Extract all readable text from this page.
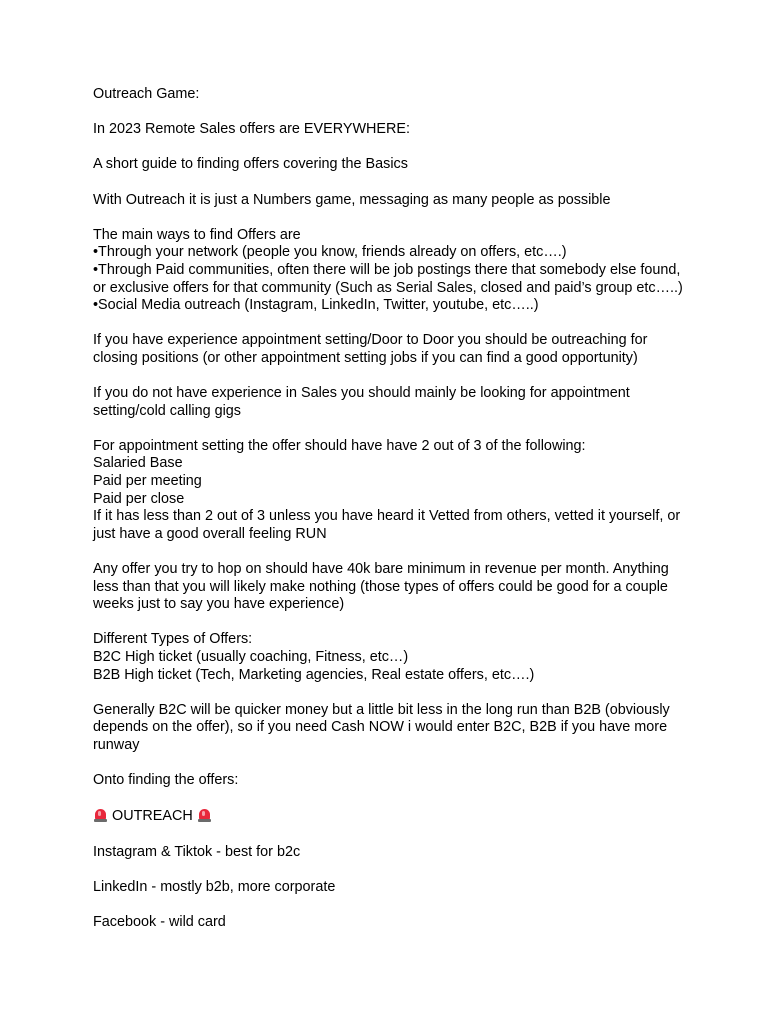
Outreach Game:

In 2023 Remote Sales offers are EVERYWHERE:

A short guide to finding offers covering the Basics

With Outreach it is just a Numbers game, messaging as many people as possible

The main ways to find Offers are
•Through your network (people you know, friends already on offers, etc….)
•Through Paid communities, often there will be job postings there that somebody else found,
or exclusive offers for that community (Such as Serial Sales, closed and paid’s group etc…..)
•Social Media outreach (Instagram, LinkedIn, Twitter, youtube, etc…..)

If you have experience appointment setting/Door to Door you should be outreaching for
closing positions (or other appointment setting jobs if you can find a good opportunity)

If you do not have experience in Sales you should mainly be looking for appointment
setting/cold calling gigs

For appointment setting the offer should have have 2 out of 3 of the following:
Salaried Base
Paid per meeting
Paid per close
If it has less than 2 out of 3 unless you have heard it Vetted from others, vetted it yourself, or
just have a good overall feeling RUN

Any offer you try to hop on should have 40k bare minimum in revenue per month. Anything
less than that you will likely make nothing (those types of offers could be good for a couple
weeks just to say you have experience)

Different Types of Offers:
B2C High ticket (usually coaching, Fitness, etc…)
B2B High ticket (Tech, Marketing agencies, Real estate offers, etc….)

Generally B2C will be quicker money but a little bit less in the long run than B2B (obviously
depends on the offer), so if you need Cash NOW i would enter B2C, B2B if you have more
runway

Onto finding the offers:

OUTREACH

Instagram & Tiktok - best for b2c

LinkedIn - mostly b2b, more corporate

Facebook - wild card
